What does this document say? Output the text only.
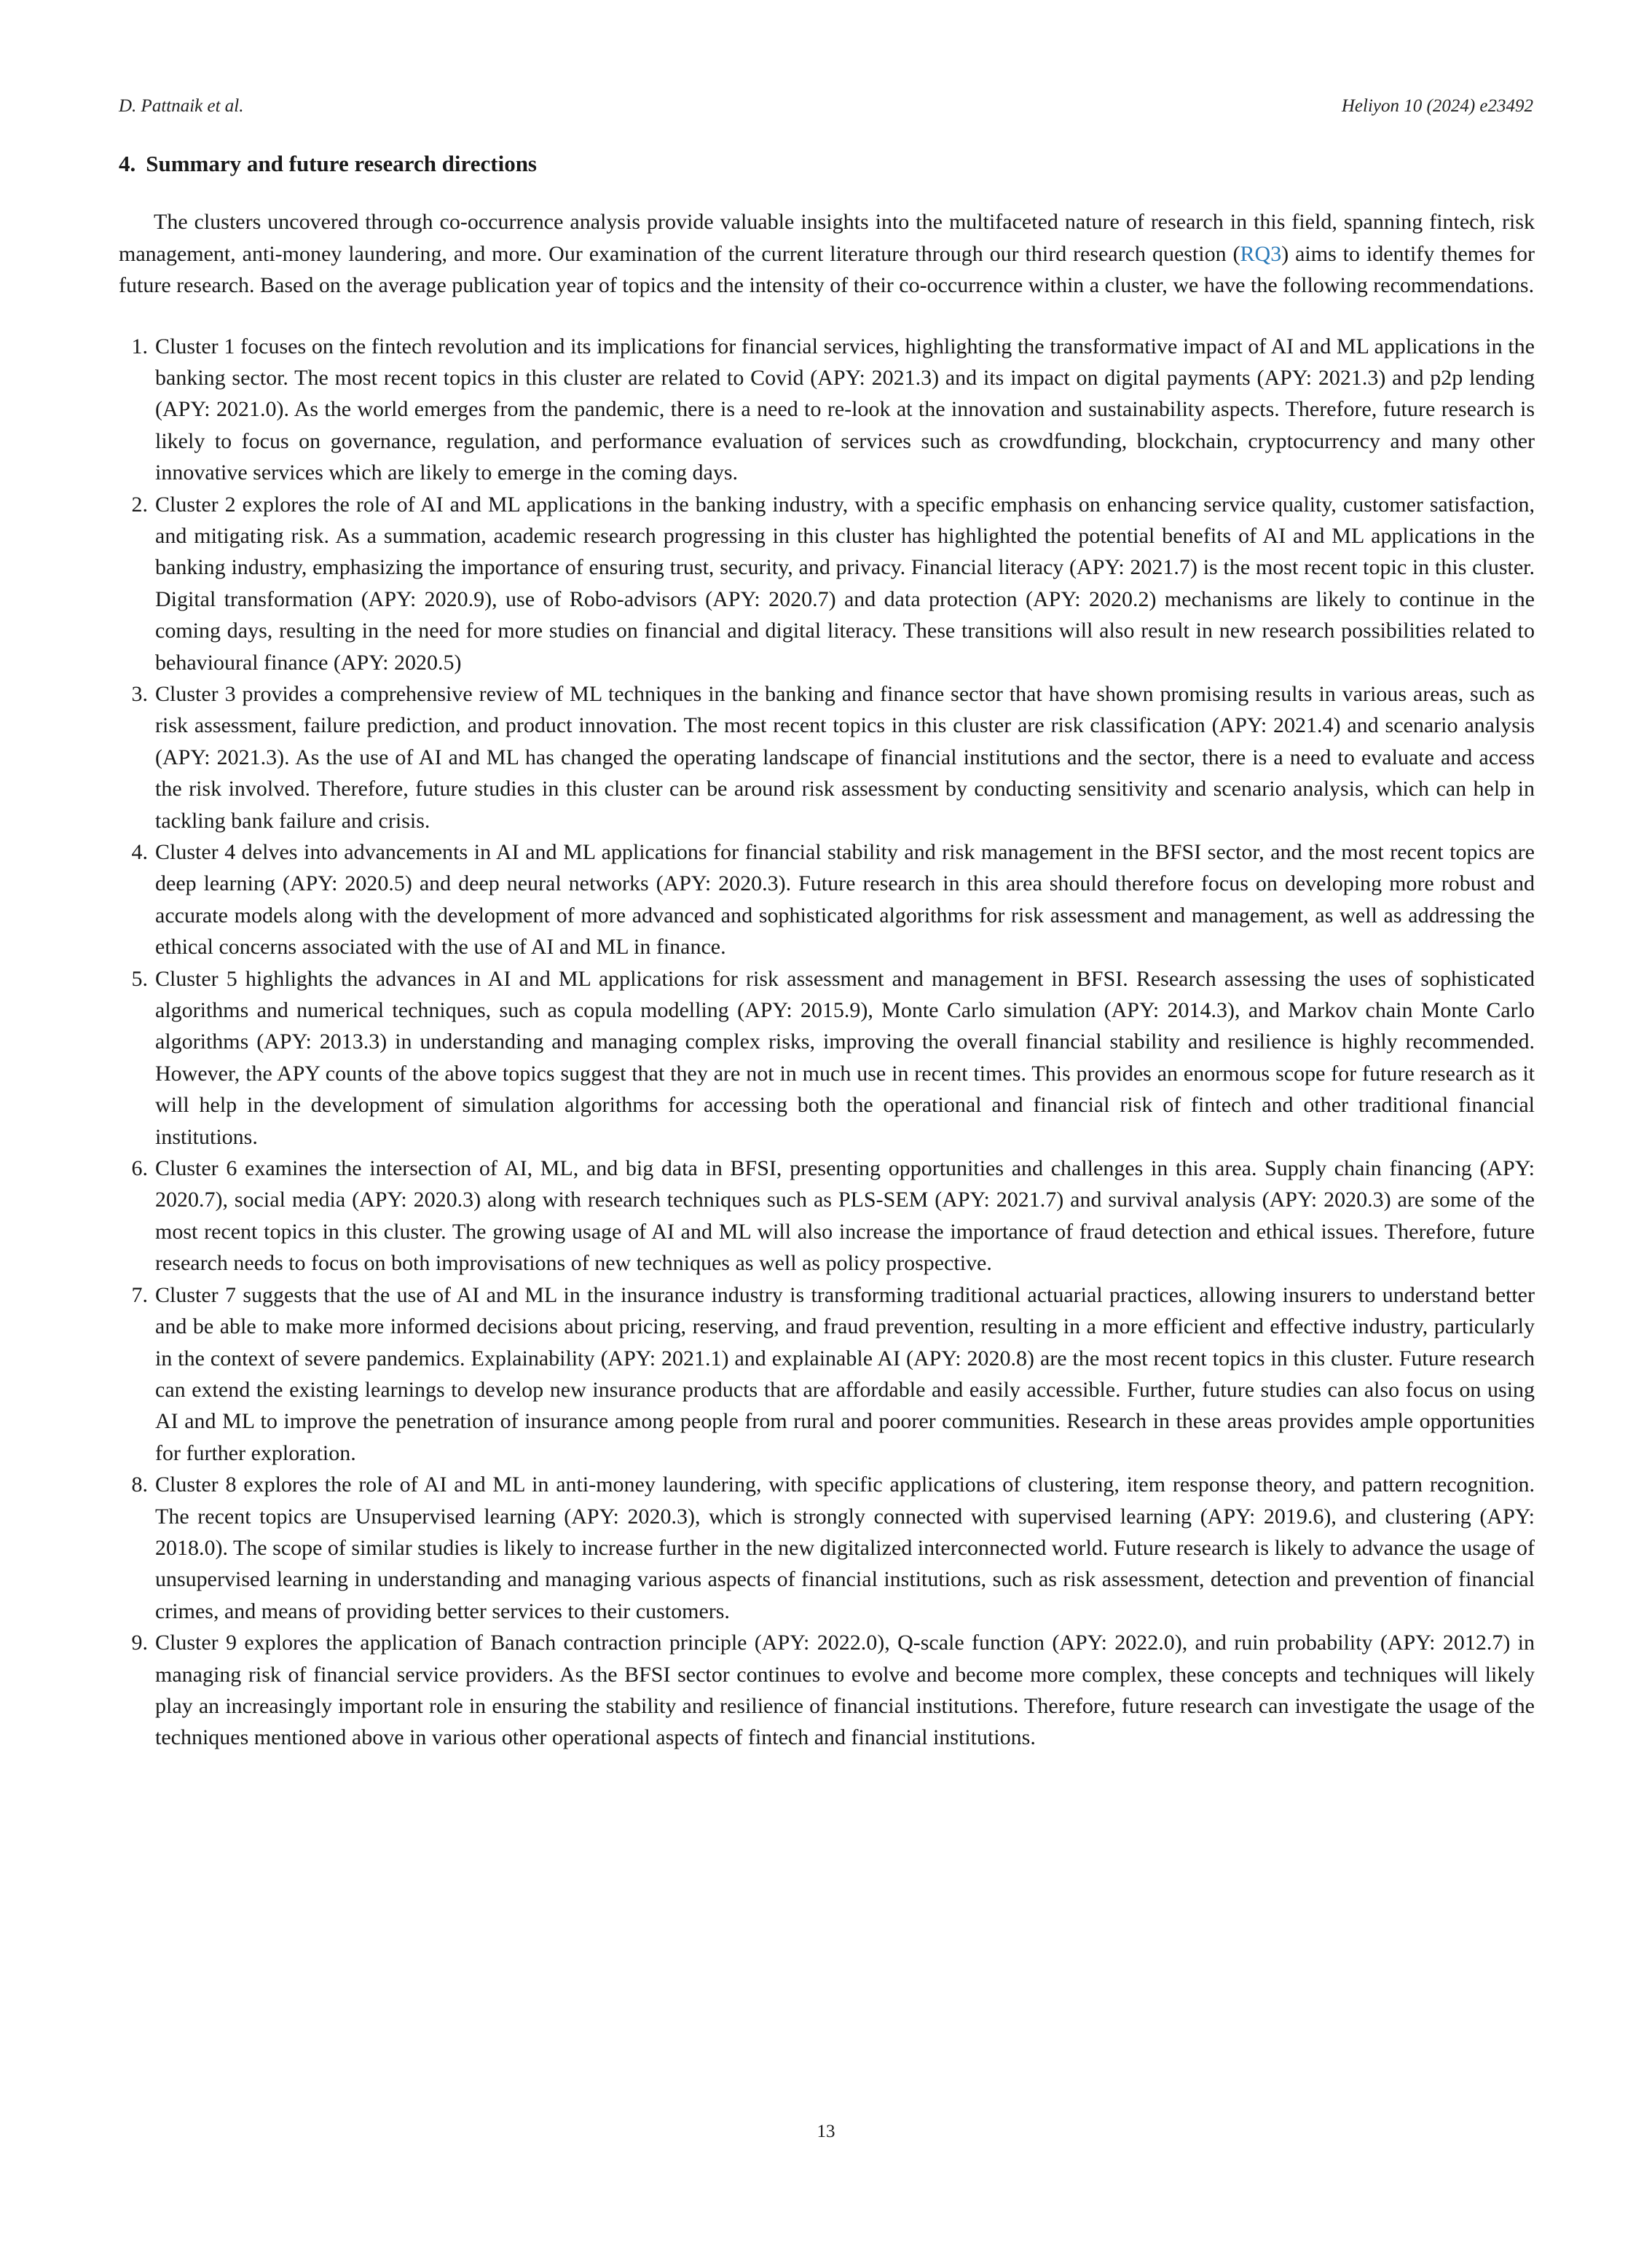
D. Pattnaik et al.	Heliyon 10 (2024) e23492
4. Summary and future research directions

The clusters uncovered through co-occurrence analysis provide valuable insights into the multifaceted nature of research in this field, spanning fintech, risk management, anti-money laundering, and more. Our examination of the current literature through our third research question (RQ3) aims to identify themes for future research. Based on the average publication year of topics and the intensity of their co-occurrence within a cluster, we have the following recommendations.

1. Cluster 1 focuses on the fintech revolution and its implications for financial services, highlighting the transformative impact of AI and ML applications in the banking sector. The most recent topics in this cluster are related to Covid (APY: 2021.3) and its impact on digital payments (APY: 2021.3) and p2p lending (APY: 2021.0). As the world emerges from the pandemic, there is a need to re-look at the innovation and sustainability aspects. Therefore, future research is likely to focus on governance, regulation, and performance evaluation of services such as crowdfunding, blockchain, cryptocurrency and many other innovative services which are likely to emerge in the coming days.
2. Cluster 2 explores the role of AI and ML applications in the banking industry, with a specific emphasis on enhancing service quality, customer satisfaction, and mitigating risk. As a summation, academic research progressing in this cluster has highlighted the potential benefits of AI and ML applications in the banking industry, emphasizing the importance of ensuring trust, security, and privacy. Financial literacy (APY: 2021.7) is the most recent topic in this cluster. Digital transformation (APY: 2020.9), use of Robo-advisors (APY: 2020.7) and data protection (APY: 2020.2) mechanisms are likely to continue in the coming days, resulting in the need for more studies on financial and digital literacy. These transitions will also result in new research possibilities related to behavioural finance (APY: 2020.5)
3. Cluster 3 provides a comprehensive review of ML techniques in the banking and finance sector that have shown promising results in various areas, such as risk assessment, failure prediction, and product innovation. The most recent topics in this cluster are risk classification (APY: 2021.4) and scenario analysis (APY: 2021.3). As the use of AI and ML has changed the operating landscape of financial institutions and the sector, there is a need to evaluate and access the risk involved. Therefore, future studies in this cluster can be around risk assessment by conducting sensitivity and scenario analysis, which can help in tackling bank failure and crisis.
4. Cluster 4 delves into advancements in AI and ML applications for financial stability and risk management in the BFSI sector, and the most recent topics are deep learning (APY: 2020.5) and deep neural networks (APY: 2020.3). Future research in this area should therefore focus on developing more robust and accurate models along with the development of more advanced and sophisticated algorithms for risk assessment and management, as well as addressing the ethical concerns associated with the use of AI and ML in finance.
5. Cluster 5 highlights the advances in AI and ML applications for risk assessment and management in BFSI. Research assessing the uses of sophisticated algorithms and numerical techniques, such as copula modelling (APY: 2015.9), Monte Carlo simulation (APY: 2014.3), and Markov chain Monte Carlo algorithms (APY: 2013.3) in understanding and managing complex risks, improving the overall financial stability and resilience is highly recommended. However, the APY counts of the above topics suggest that they are not in much use in recent times. This provides an enormous scope for future research as it will help in the development of simulation algorithms for accessing both the operational and financial risk of fintech and other traditional financial institutions.
6. Cluster 6 examines the intersection of AI, ML, and big data in BFSI, presenting opportunities and challenges in this area. Supply chain financing (APY: 2020.7), social media (APY: 2020.3) along with research techniques such as PLS-SEM (APY: 2021.7) and survival analysis (APY: 2020.3) are some of the most recent topics in this cluster. The growing usage of AI and ML will also increase the importance of fraud detection and ethical issues. Therefore, future research needs to focus on both improvisations of new techniques as well as policy prospective.
7. Cluster 7 suggests that the use of AI and ML in the insurance industry is transforming traditional actuarial practices, allowing insurers to understand better and be able to make more informed decisions about pricing, reserving, and fraud prevention, resulting in a more efficient and effective industry, particularly in the context of severe pandemics. Explainability (APY: 2021.1) and explainable AI (APY: 2020.8) are the most recent topics in this cluster. Future research can extend the existing learnings to develop new insurance products that are affordable and easily accessible. Further, future studies can also focus on using AI and ML to improve the penetration of insurance among people from rural and poorer communities. Research in these areas provides ample opportunities for further exploration.
8. Cluster 8 explores the role of AI and ML in anti-money laundering, with specific applications of clustering, item response theory, and pattern recognition. The recent topics are Unsupervised learning (APY: 2020.3), which is strongly connected with supervised learning (APY: 2019.6), and clustering (APY: 2018.0). The scope of similar studies is likely to increase further in the new digitalized interconnected world. Future research is likely to advance the usage of unsupervised learning in understanding and managing various aspects of financial institutions, such as risk assessment, detection and prevention of financial crimes, and means of providing better services to their customers.
9. Cluster 9 explores the application of Banach contraction principle (APY: 2022.0), Q-scale function (APY: 2022.0), and ruin probability (APY: 2012.7) in managing risk of financial service providers. As the BFSI sector continues to evolve and become more complex, these concepts and techniques will likely play an increasingly important role in ensuring the stability and resilience of financial institutions. Therefore, future research can investigate the usage of the techniques mentioned above in various other operational aspects of fintech and financial institutions.
13
